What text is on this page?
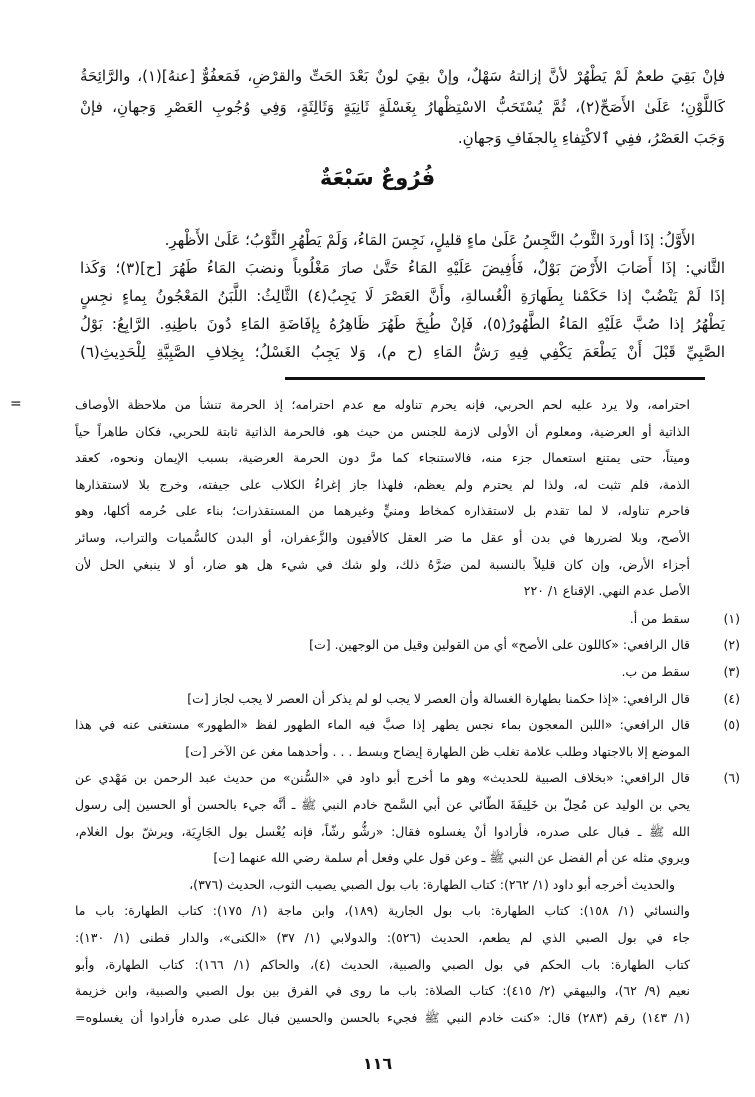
فُرُوعٌ سَبْعَةٌ
=
١١٦
فإنْ بَقِيَ طعمٌ لَمْ يَطْهُرْ لأنَّ إزالتهُ سَهْلٌ، وإنْ بقِيَ لونٌ بَعْدَ الحَتِّ والقرْضِ، فَمَعفُوٌّ [عنهُ](١)، والرَّائِحَةُ
كَاللَّوْنِ؛ عَلَىٰ الأَصَحِّ(٢)، ثُمَّ يُسْتَحَبُّ الاسْتِظْهارُ بِغَسْلَةٍ ثَانِيَةٍ وَثَالِثَةٍ، وَفِي وُجُوبِ العَصْرِ وَجهانِ، فإنْ
وَجَبَ العَصْرُ، ففِي ٱلاكْتِفاءِ بِالجفَافِ وَجهانِ.
الأَوَّلُ: إذَا أوردَ الثَّوبُ النَّجِسُ عَلَىٰ ماءٍ قليلٍ، نَجِسَ المَاءُ، وَلَمْ يَطْهُرِ الثَّوْبُ؛ عَلَىٰ الأَظْهرِ.
الثَّاني: إذَا أَصَابَ الأَرْضَ بَوْلٌ، فَأُفِيضَ عَلَيْهِ المَاءُ حَتَّىٰ صارَ مَغْلُوباً ونضبَ المَاءُ طَهُرَ [ح](٣)؛ وَكَذا
إذَا لَمْ يَنْضُبْ إذا حَكَمْنا بِطَهارَةِ الْغُسالةِ، وأَنَّ العَصْرَ لَا يَجِبُ(٤) الثَّالِثُ: اللَّبَنُ المَعْجُونُ بِماءٍ نجِسٍ
يَطْهُرُ إذا صُبَّ عَلَيْهِ المَاءُ الطَّهُورُ(٥)، فَإنْ طُبِخَ طَهُرَ ظَاهِرُهُ بِإفَاضَةِ المَاءِ دُونَ باطِنِهِ. الرَّابِعُ: بَوْلُ
الصَّبِيِّ قَبْلَ أَنْ يَطْعَمَ يَكْفِي فِيهِ رَشُّ المَاءِ (ح م)، وَلا يَجِبُ الغَسْلُ؛ بِخِلافِ الصَّبِيَّةِ لِلْحَدِيثِ(٦)
احترامه، ولا يرد عليه لحم الحربي، فإنه يحرم تناوله مع عدم احترامه؛ إذ الحرمة تنشأ من ملاحظة الأوصاف
الذاتية أو العرضية، ومعلوم أن الأولى لازمة للجنس من حيث هو، فالحرمة الذاتية ثابتة للحربي، فكان طاهراً حياً
وميتاً، حتى يمتنع استعمال جزء منه، فالاستنجاء كما مرَّ دون الحرمة العرضية، بسبب الإيمان ونحوه، كعقد
الذمة، فلم تثبت له، ولذا لم يحترم ولم يعظم، فلهذا جاز إغراءُ الكلاب على جيفته، وخرج بلا لاستقذارها
فاحرم تناوله، لا لما تقدم بل لاستقذاره كمخاط ومنيٍّ وغيرهما من المستقذرات؛ بناء على حُرمه أكلها، وهو
الأصح، وبلا لضررها في بدن أو عقل ما ضر العقل كالأفيون والزَّعفران، أو البدن كالسُّميات والتراب، وسائر
أجزاء الأرض، وإن كان قليلاً بالنسبة لمن ضرَّهُ ذلك، ولو شك في شيء هل هو ضار، أو لا ينبغي الحل لأن
الأصل عدم النهي. الإقناع ١/ ٢٢٠
(١)
سقط من أ.
(٢)
قال الرافعي: «كاللون على الأصح» أي من القولين وقيل من الوجهين. [ت]
(٣)
سقط من ب.
(٤)
قال الرافعي: «إذا حكمنا بطهارة الغسالة وأن العصر لا يجب لو لم يذكر أن العصر لا يجب لجاز [ت]
(٥)
قال الرافعي: «اللبن المعجون بماء نجس يطهر إذا صبَّ فيه الماء الطهور لفظ «الطهور» مستغنى عنه في هذا
الموضع إلا بالاجتهاد وطلب علامة تغلب ظن الطهارة إيضاح وبسط . . . وأحدهما مغن عن الآخر [ت]
(٦)
قال الرافعي: «بخلاف الصبية للحديث» وهو ما أخرج أبو داود في «السُّنن» من حديث عبد الرحمن بن مَهْدي عن
يحي بن الوليد عن مُحِلّ بن خَلِيفَةَ الطّائي عن أبي السَّمح خادم النبي ﷺ ـ أنَّه جيء بالحسن أو الحسين إلى رسول
الله ﷺ ـ فبال على صدره، فأرادوا أنْ يغسلوه فقال: «رشُّو رشّاً، فإنه يُغْسل بول الجَارِيَة، ويرشّ بول الغلام،
ويروي مثله عن أم الفضل عن النبي ﷺ ـ وعن قول علي وفعل أم سلمة رضي الله عنهما [ت]
والحديث أخرجه أبو داود (١/ ٢٦٢): كتاب الطهارة: باب بول الصبي يصيب الثوب، الحديث (٣٧٦)،
والنسائي (١/ ١٥٨): كتاب الطهارة: باب بول الجارية (١٨٩)، وابن ماجة (١/ ١٧٥): كتاب الطهارة: باب ما
جاء في بول الصبي الذي لم يطعم، الحديث (٥٢٦): والدولابي (١/ ٣٧) «الكنى»، والدار قطنى (١/ ١٣٠):
كتاب الطهارة: باب الحكم في بول الصبي والصبية، الحديث (٤)، والحاكم (١/ ١٦٦): كتاب الطهارة، وأبو
نعيم (٩/ ٦٢)، والبيهقي (٢/ ٤١٥): كتاب الصلاة: باب ما روى في الفرق بين بول الصبي والصبية، وابن خزيمة
(١/ ١٤٣) رقم (٢٨٣) قال: «كنت خادم النبي ﷺ فجيء بالحسن والحسين فبال على صدره فأرادوا أن يغسلوه=
